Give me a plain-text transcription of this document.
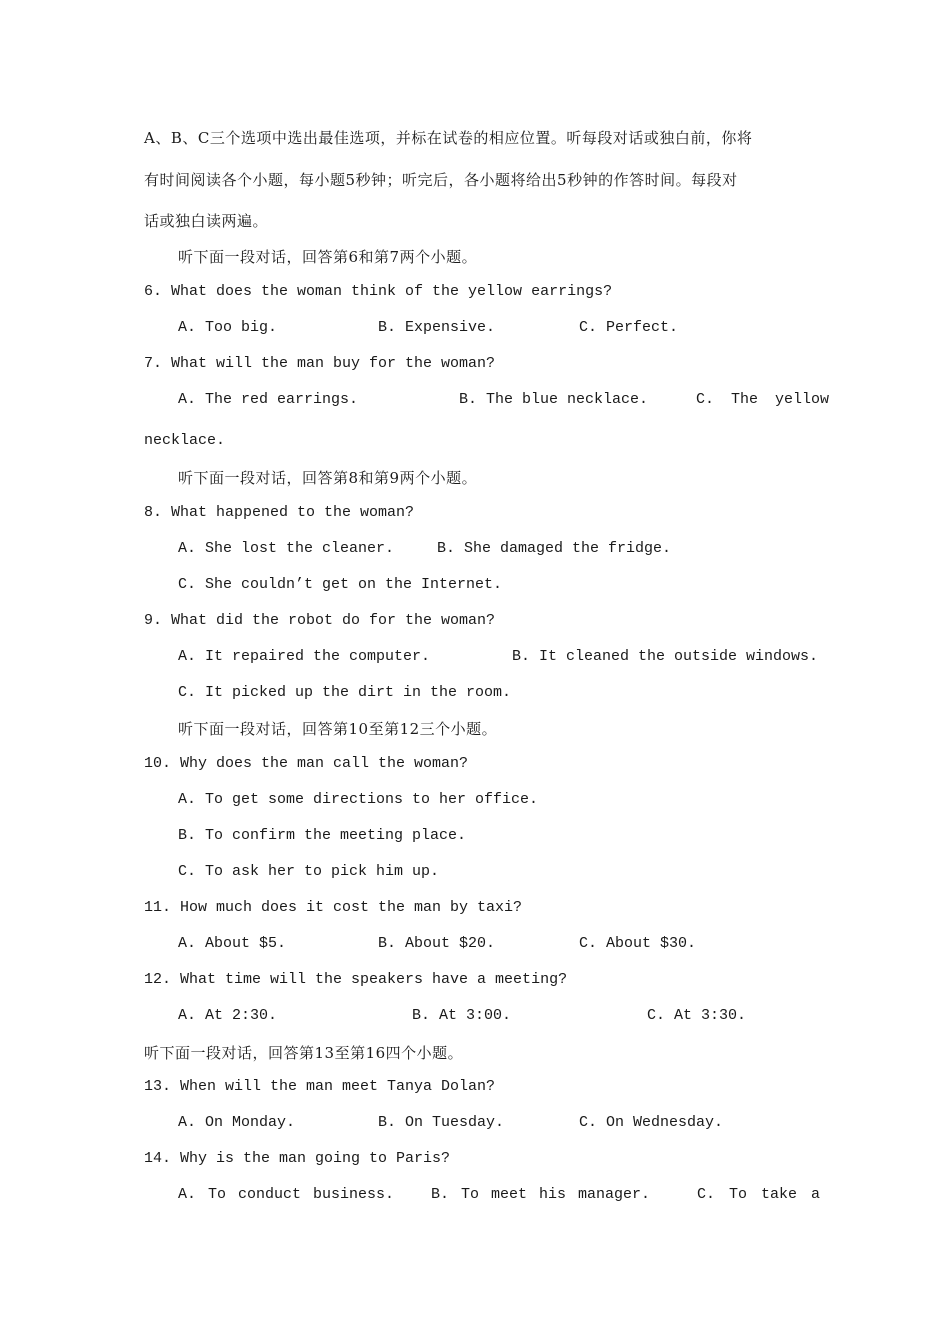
A、B、C三个选项中选出最佳选项，并标在试卷的相应位置。听每段对话或独白前，你将
有时间阅读各个小题，每小题5秒钟；听完后，各小题将给出5秒钟的作答时间。每段对
话或独白读两遍。
听下面一段对话，回答第6和第7两个小题。
6. What does the woman think of the yellow earrings?
A. Too big.	B. Expensive.	C. Perfect.
7. What will the man buy for the woman?
A. The red earrings.	B. The blue necklace.	C. The yellow
necklace.
听下面一段对话，回答第8和第9两个小题。
8. What happened to the woman?
A. She lost the cleaner.	B. She damaged the fridge.
C. She couldn’t get on the Internet.
9. What did the robot do for the woman?
A. It repaired the computer.	B. It cleaned the outside windows.
C. It picked up the dirt in the room.
听下面一段对话，回答第10至第12三个小题。
10. Why does the man call the woman?
A. To get some directions to her office.
B. To confirm the meeting place.
C. To ask her to pick him up.
11. How much does it cost the man by taxi?
A. About $5.	B. About $20.	C. About $30.
12. What time will the speakers have a meeting?
A. At 2:30.	B. At 3:00.	C. At 3:30.
听下面一段对话，回答第13至第16四个小题。
13. When will the man meet Tanya Dolan?
A. On Monday.	B. On Tuesday.	C. On Wednesday.
14. Why is the man going to Paris?
A. To conduct business. B. To meet his manager.	C. To take a
